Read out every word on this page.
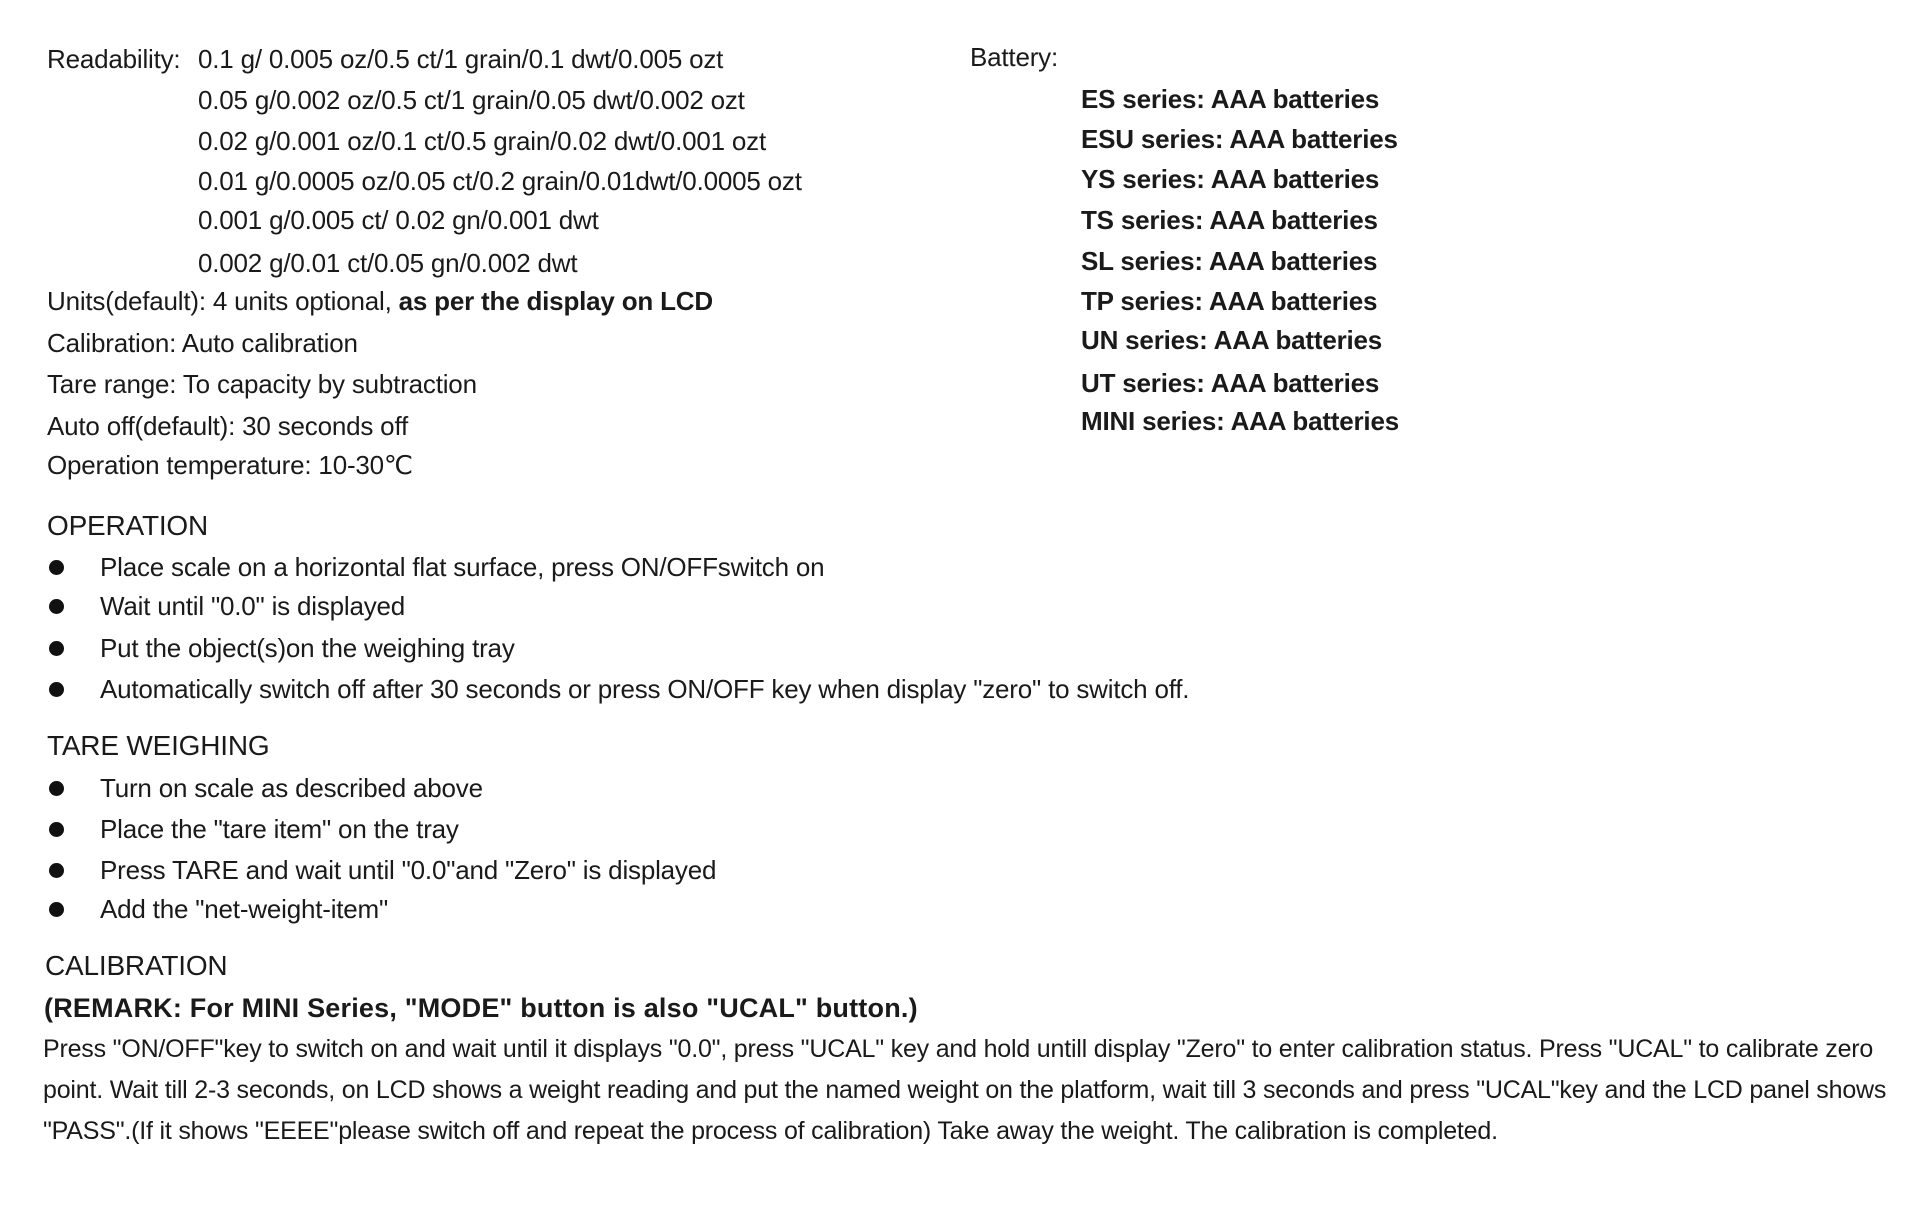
Readability: 0.1 g/ 0.005 oz/0.5 ct/1 grain/0.1 dwt/0.005 ozt
0.05 g/0.002 oz/0.5 ct/1 grain/0.05 dwt/0.002 ozt
0.02 g/0.001 oz/0.1 ct/0.5 grain/0.02 dwt/0.001 ozt
0.01 g/0.0005 oz/0.05 ct/0.2 grain/0.01dwt/0.0005 ozt
0.001 g/0.005 ct/ 0.02 gn/0.001 dwt
0.002 g/0.01 ct/0.05 gn/0.002 dwt
Units(default): 4 units optional, as per the display on LCD
Calibration: Auto calibration
Tare range: To capacity by subtraction
Auto off(default): 30 seconds off
Operation temperature: 10-30℃
Battery:
ES series: AAA batteries
ESU series: AAA batteries
YS series: AAA batteries
TS series: AAA batteries
SL series: AAA batteries
TP series: AAA batteries
UN series: AAA batteries
UT series: AAA batteries
MINI series: AAA batteries
OPERATION
Place scale on a horizontal flat surface, press ON/OFFswitch on
Wait until "0.0" is displayed
Put the object(s)on the weighing tray
Automatically switch off after 30 seconds or press ON/OFF key when display "zero" to switch off.
TARE WEIGHING
Turn on scale as described above
Place the "tare item" on the tray
Press TARE and wait until "0.0"and "Zero" is displayed
Add the "net-weight-item"
CALIBRATION
(REMARK: For MINI Series, "MODE" button is also "UCAL" button.)
Press "ON/OFF"key to switch on and wait until it displays "0.0", press "UCAL" key and hold untill display "Zero" to enter calibration status. Press "UCAL" to calibrate zero point. Wait till 2-3 seconds, on LCD shows a weight reading and put the named weight on the platform, wait till 3 seconds and press "UCAL"key and the LCD panel shows "PASS".(If it shows "EEEE"please switch off and repeat the process of calibration) Take away the weight. The calibration is completed.
